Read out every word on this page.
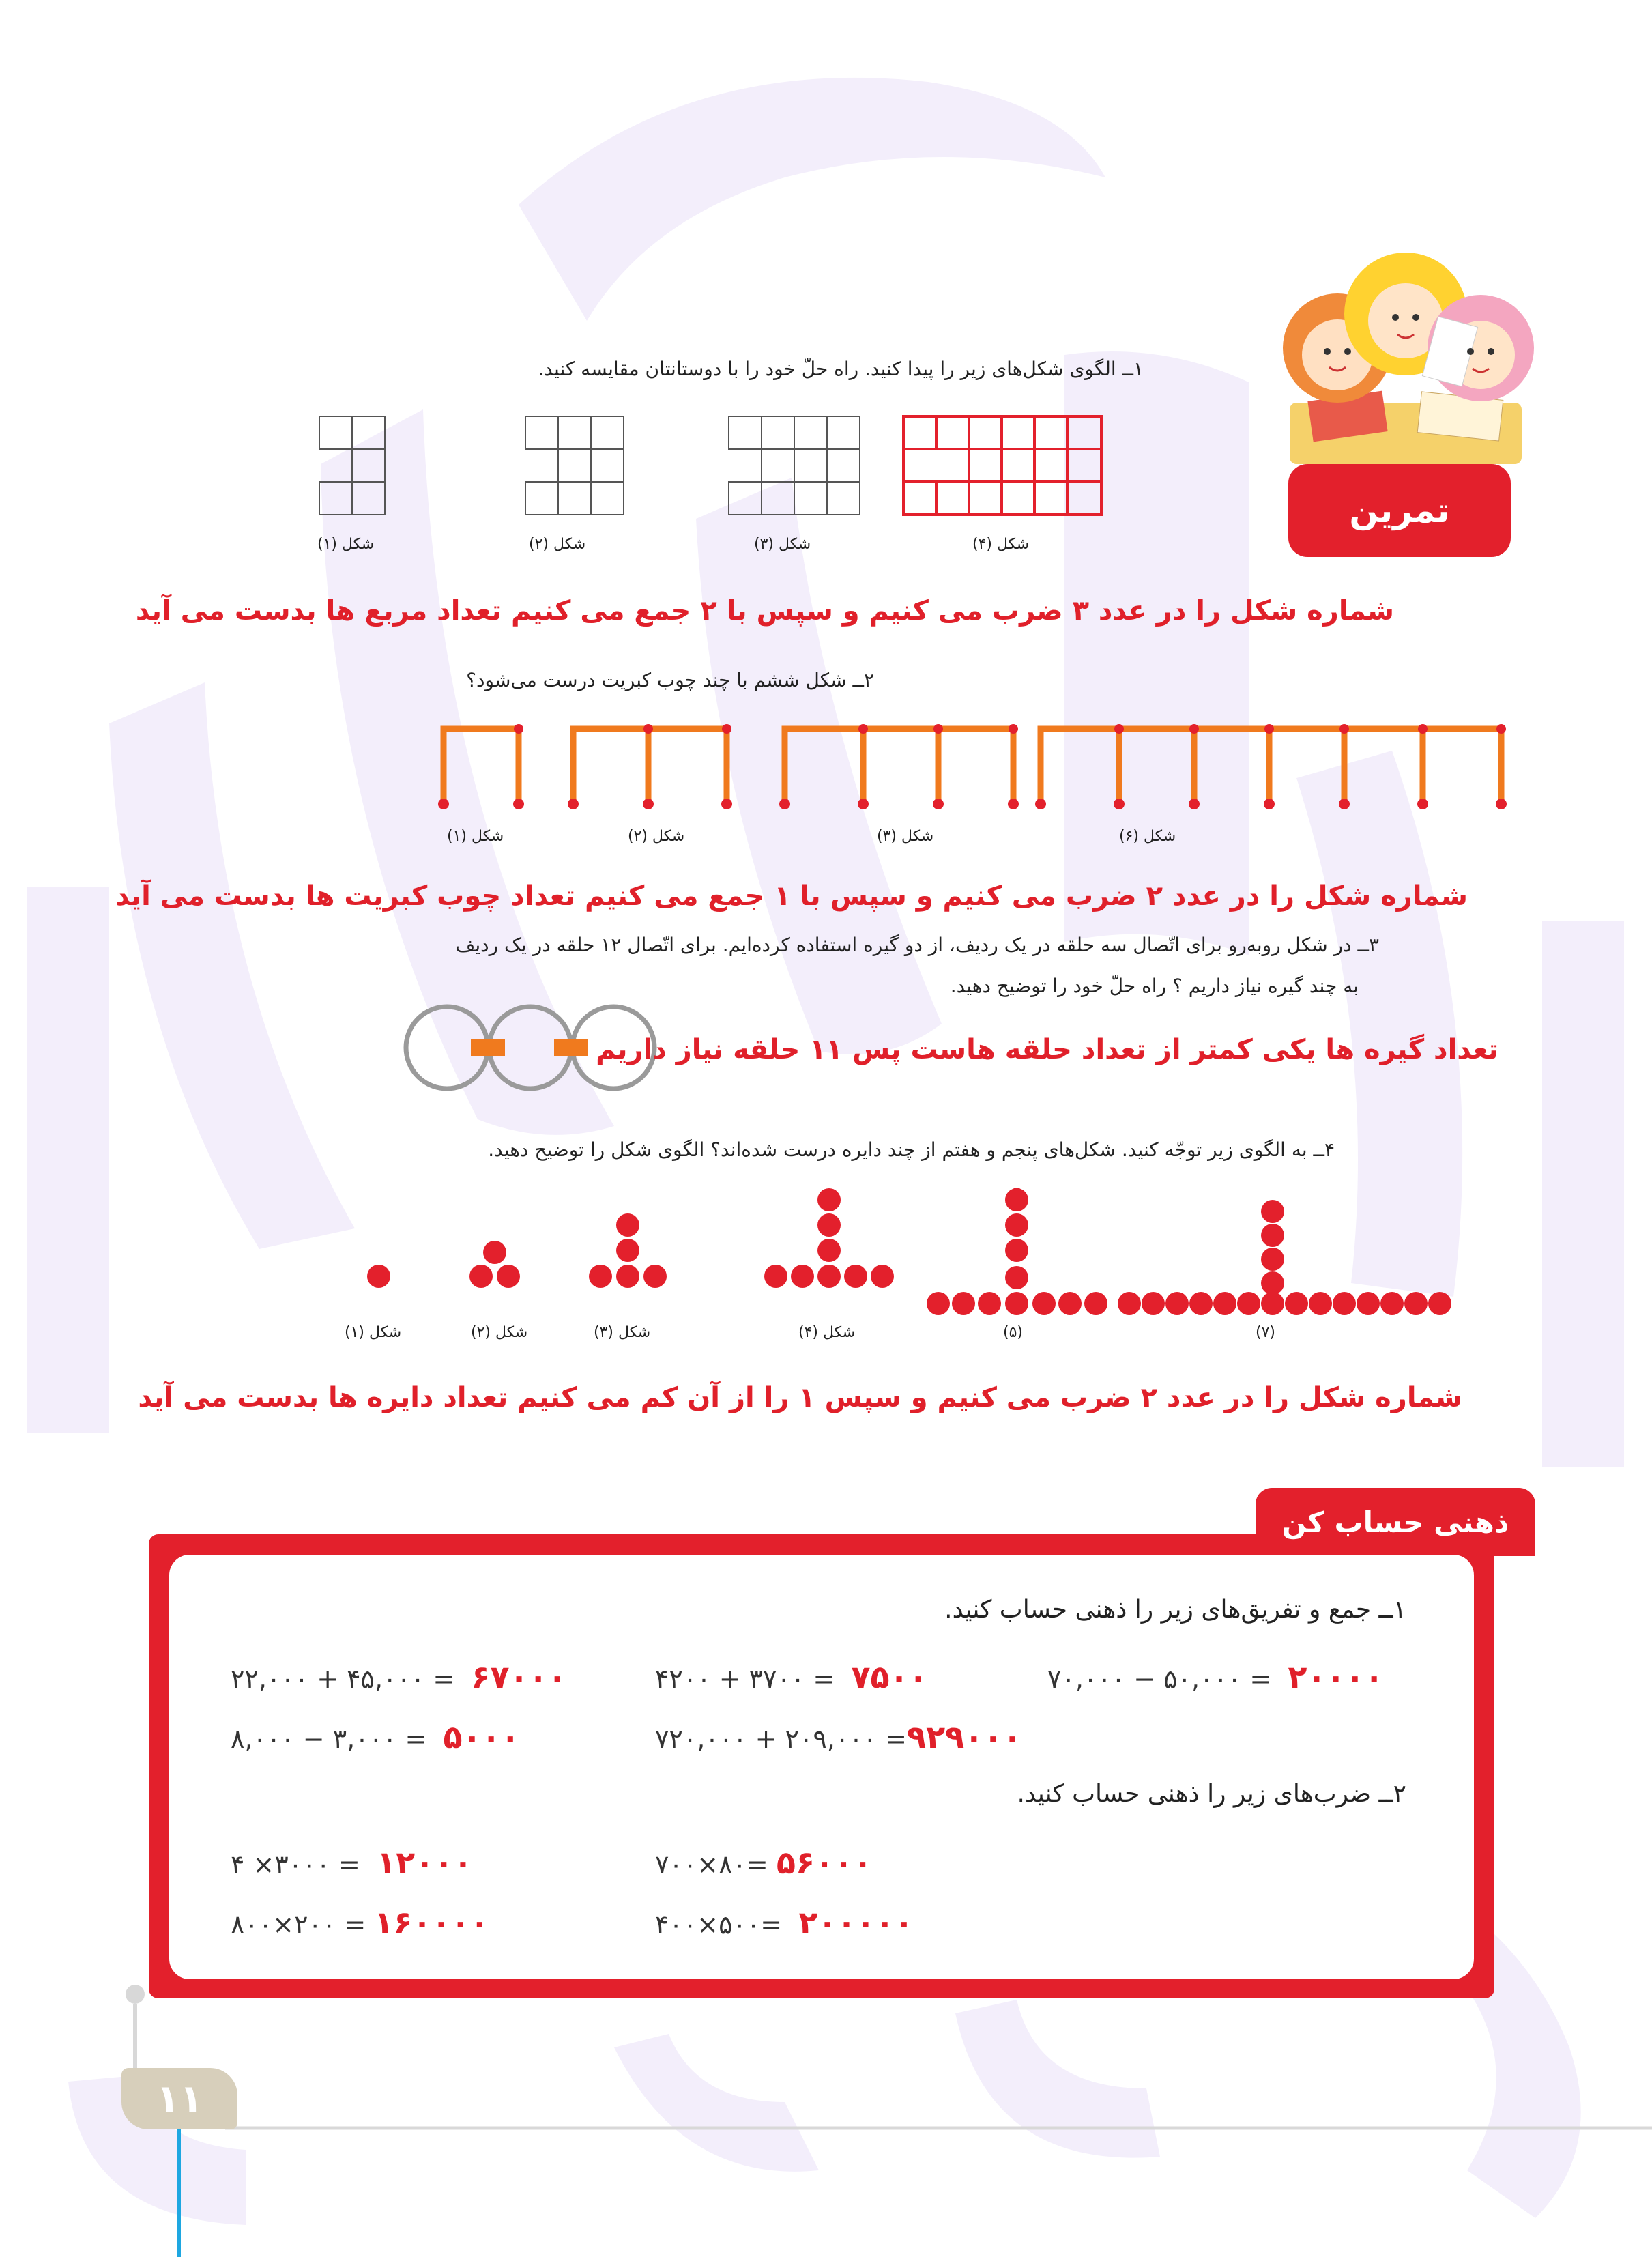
تمرین
۱ــ الگوی شکل‌های زیر را پیدا کنید. راه حلّ خود را با دوستانتان مقایسه کنید.
شکل (۱)	شکل (۲)	شکل (۳)	شکل (۴)
شماره شکل را در عدد ۳ ضرب می کنیم و سپس با ۲ جمع می کنیم تعداد مربع ها بدست می آید
۲ــ شکل ششم با چند چوب کبریت درست می‌شود؟
شکل (۱)	شکل (۲)	شکل (۳)	شکل (۶)
شماره شکل را در عدد ۲ ضرب می کنیم و سپس با ۱ جمع می کنیم تعداد چوب کبریت ها بدست می آید
۳ــ در شکل روبه‌رو برای اتّصال سه حلقه در یک ردیف، از دو گیره استفاده کرده‌ایم. برای اتّصال ۱۲ حلقه در یک ردیف
به چند گیره نیاز داریم ؟ راه حلّ خود را توضیح دهید.
تعداد گیره ها یکی کمتر از تعداد حلقه هاست پس ۱۱ حلقه نیاز داریم
۴ــ به الگوی زیر توجّه کنید. شکل‌های پنجم و هفتم از چند دایره درست شده‌اند؟ الگوی شکل را توضیح دهید.
شکل (۱)	شکل (۲)	شکل (۳)	شکل (۴)	(۵)	(۷)
شماره شکل را در عدد ۲ ضرب می کنیم و سپس ۱ را از آن کم می کنیم تعداد دایره ها بدست می آید
ذهنی حساب کن
۱ــ جمع و تفریق‌های زیر را ذهنی حساب کنید.
۲۲,۰۰۰ + ۴۵,۰۰۰ = ۶۷۰۰۰	۴۲۰۰ + ۳۷۰۰ = ۷۵۰۰	۷۰,۰۰۰ − ۵۰,۰۰۰ = ۲۰۰۰۰
۸,۰۰۰ − ۳,۰۰۰ = ۵۰۰۰	۷۲۰,۰۰۰ + ۲۰۹,۰۰۰ =۹۲۹۰۰۰
۲ــ ضرب‌های زیر را ذهنی حساب کنید.
۴ ×۳۰۰۰ = ۱۲۰۰۰	۷۰۰×۸۰= ۵۶۰۰۰
۸۰۰×۲۰۰ = ۱۶۰۰۰۰	۴۰۰×۵۰۰= ۲۰۰۰۰۰
۱۱
